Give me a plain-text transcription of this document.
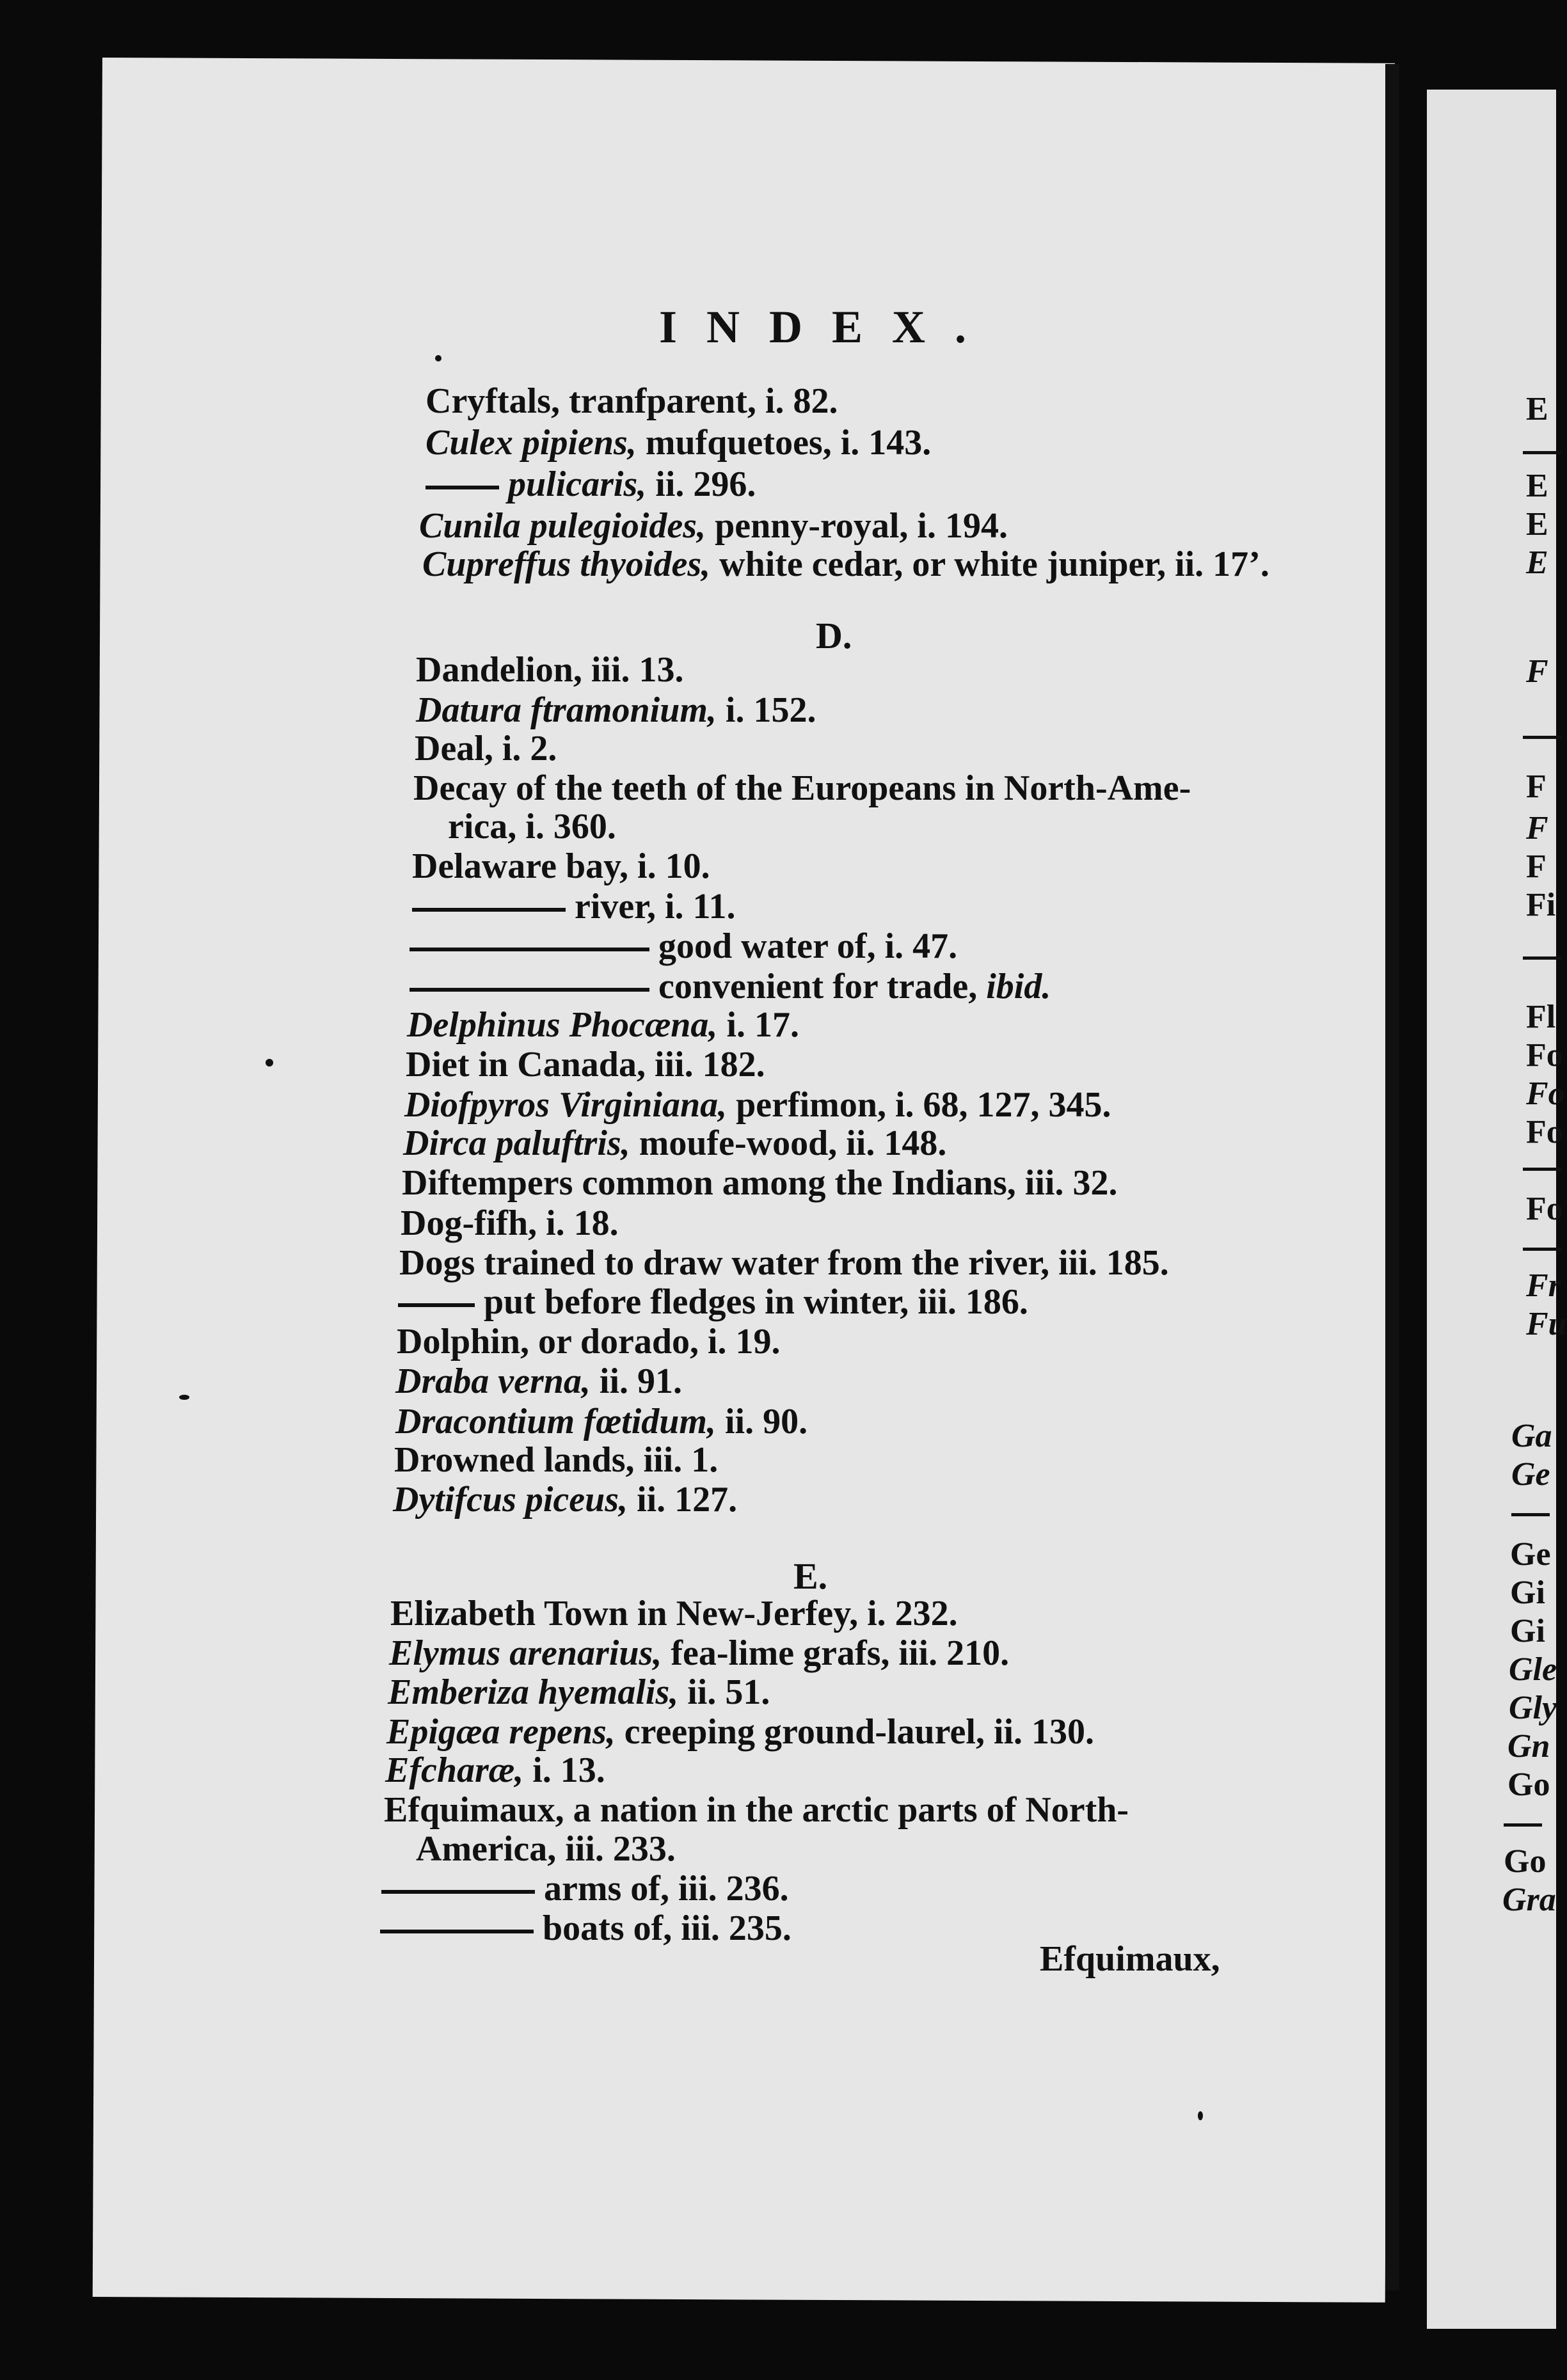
INDEX.
Cryftals, tranfparent, i. 82.
Culex pipiens, mufquetoes, i. 143.
pulicaris, ii. 296.
Cunila pulegioides, penny-royal, i. 194.
Cupreffus thyoides, white cedar, or white juniper, ii. 17’.
D.
Dandelion, iii. 13.
Datura ftramonium, i. 152.
Deal, i. 2.
Decay of the teeth of the Europeans in North-Ame-
rica, i. 360.
Delaware bay, i. 10.
river, i. 11.
good water of, i. 47.
convenient for trade, ibid.
Delphinus Phocæna, i. 17.
Diet in Canada, iii. 182.
Diofpyros Virginiana, perfimon, i. 68, 127, 345.
Dirca paluftris, moufe-wood, ii. 148.
Diftempers common among the Indians, iii. 32.
Dog-fifh, i. 18.
Dogs trained to draw water from the river, iii. 185.
put before fledges in winter, iii. 186.
Dolphin, or dorado, i. 19.
Draba verna, ii. 91.
Dracontium fœtidum, ii. 90.
Drowned lands, iii. 1.
Dytifcus piceus, ii. 127.
E.
Elizabeth Town in New-Jerfey, i. 232.
Elymus arenarius, fea-lime grafs, iii. 210.
Emberiza hyemalis, ii. 51.
Epigæa repens, creeping ground-laurel, ii. 130.
Efcharæ, i. 13.
Efquimaux, a nation in the arctic parts of North-
America, iii. 233.
arms of, iii. 236.
boats of, iii. 235.
Efquimaux,
E
E
E
E
F
F
F
F
Fi
Fl
Fo
Fo
Fo
Fo
Fr
Fu
Ga
Ge
Ge
Gi
Gi
Gle
Gly
Gn
Go
Go
Gra
